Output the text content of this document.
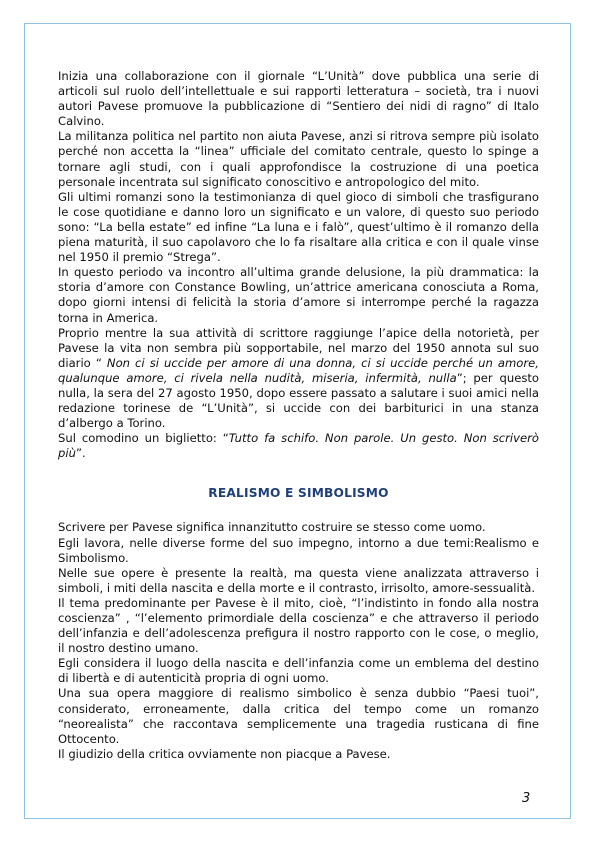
Inizia una collaborazione con il giornale “L’Unità” dove pubblica una serie di articoli sul ruolo dell’intellettuale e sui rapporti letteratura – società, tra i nuovi autori Pavese promuove la pubblicazione di “Sentiero dei nidi di ragno” di Italo Calvino.

La militanza politica nel partito non aiuta Pavese, anzi si ritrova sempre più isolato perché non accetta la “linea” ufficiale del comitato centrale, questo lo spinge a tornare agli studi, con i quali approfondisce la costruzione di una poetica personale incentrata sul significato conoscitivo e antropologico del mito.

Gli ultimi romanzi sono la testimonianza di quel gioco di simboli che trasfigurano le cose quotidiane e danno loro un significato e un valore, di questo suo periodo sono: “La bella estate” ed infine “La luna e i falò”, quest’ultimo è il romanzo della piena maturità, il suo capolavoro che lo fa risaltare alla critica e con il quale vinse nel 1950 il premio “Strega”.

In questo periodo va incontro all’ultima grande delusione, la più drammatica: la storia d’amore con Constance Bowling, un’attrice americana conosciuta a Roma, dopo giorni intensi di felicità la storia d’amore si interrompe perché la ragazza torna in America.

Proprio mentre la sua attività di scrittore raggiunge l’apice della notorietà, per Pavese la vita non sembra più sopportabile, nel marzo del 1950 annota sul suo diario “ Non ci si uccide per amore di una donna, ci si uccide perché un amore, qualunque amore, ci rivela nella nudità, miseria, infermità, nulla”; per questo nulla, la sera del 27 agosto 1950, dopo essere passato a salutare i suoi amici nella redazione torinese de “L’Unità”, si uccide con dei barbiturici in una stanza d’albergo a Torino.

Sul comodino un biglietto: “Tutto fa schifo. Non parole. Un gesto. Non scriverò più”.

REALISMO E SIMBOLISMO

Scrivere per Pavese significa innanzitutto costruire se stesso come uomo.

Egli lavora, nelle diverse forme del suo impegno, intorno a due temi:Realismo e Simbolismo.

Nelle sue opere è presente la realtà, ma questa viene analizzata attraverso i simboli, i miti della nascita e della morte e il contrasto, irrisolto, amore-sessualità.

Il tema predominante per Pavese è il mito, cioè, “l’indistinto in fondo alla nostra coscienza” , “l’elemento primordiale della coscienza” e che attraverso il periodo dell’infanzia e dell’adolescenza prefigura il nostro rapporto con le cose, o meglio, il nostro destino umano.

Egli considera il luogo della nascita e dell’infanzia come un emblema del destino di libertà e di autenticità propria di ogni uomo.

Una sua opera maggiore di realismo simbolico è senza dubbio “Paesi tuoi”, considerato, erroneamente, dalla critica del tempo come un romanzo “neorealista” che raccontava semplicemente una tragedia rusticana di fine Ottocento.

Il giudizio della critica ovviamente non piacque a Pavese.

3
